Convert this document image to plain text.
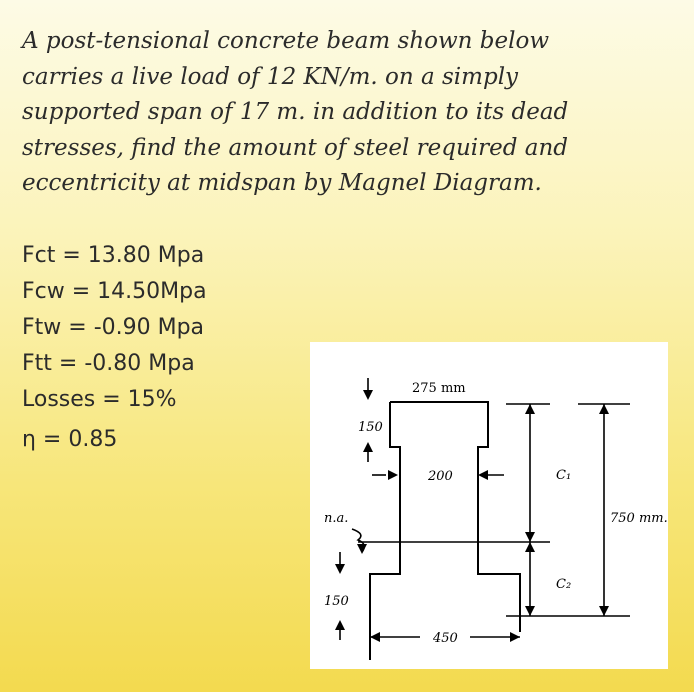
A post-tensional concrete beam shown below
carries a live load of 12 KN/m. on a simply
supported span of 17 m. in addition to its dead
stresses, find the amount of steel required and
eccentricity at midspan by Magnel Diagram.
Fct = 13.80 Mpa
Fcw = 14.50Mpa
Ftw = -0.90 Mpa
Ftt = -0.80 Mpa
Losses = 15%
η = 0.85
275 mm
150
200
n.a.
150
450
C₁
C₂
750 mm.
